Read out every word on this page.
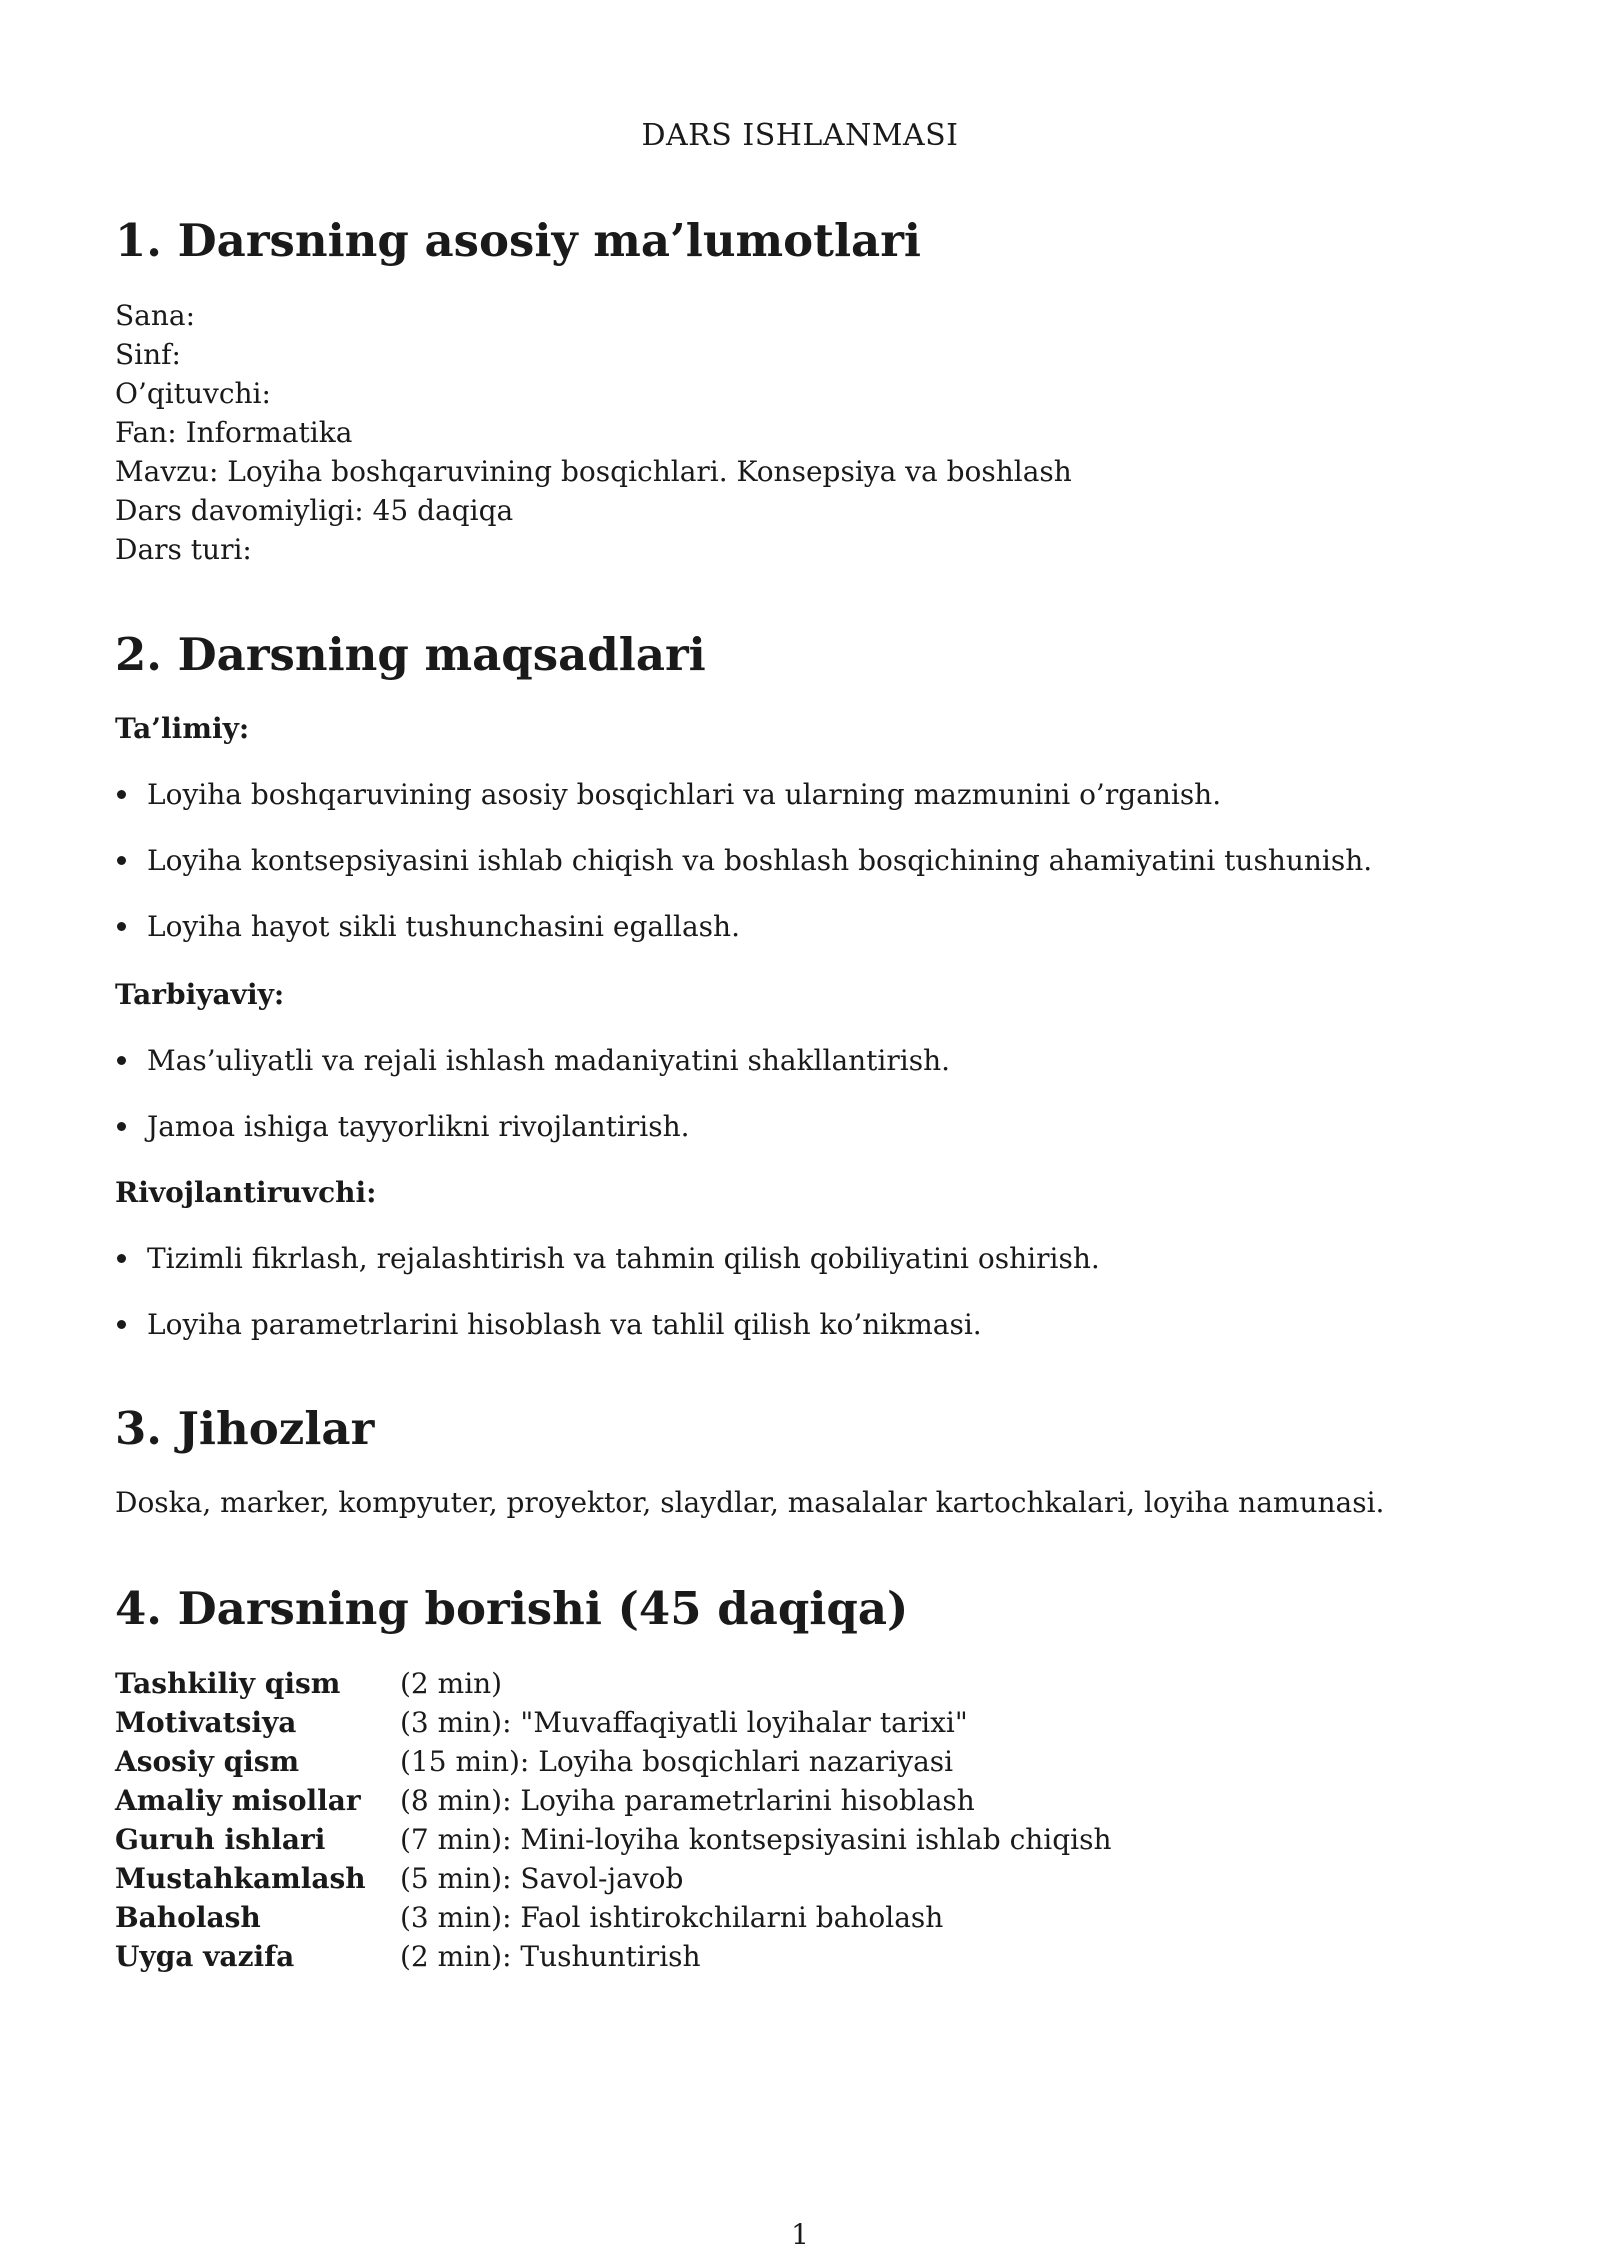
DARS ISHLANMASI
1. Darsning asosiy ma’lumotlari
Sana:
Sinf:
O’qituvchi:
Fan: Informatika
Mavzu: Loyiha boshqaruvining bosqichlari. Konsepsiya va boshlash
Dars davomiyligi: 45 daqiqa
Dars turi:
2. Darsning maqsadlari
Ta’limiy:
Loyiha boshqaruvining asosiy bosqichlari va ularning mazmunini o’rganish.
Loyiha kontsepsiyasini ishlab chiqish va boshlash bosqichining ahamiyatini tushunish.
Loyiha hayot sikli tushunchasini egallash.
Tarbiyaviy:
Mas’uliyatli va rejali ishlash madaniyatini shakllantirish.
Jamoa ishiga tayyorlikni rivojlantirish.
Rivojlantiruvchi:
Tizimli fikrlash, rejalashtirish va tahmin qilish qobiliyatini oshirish.
Loyiha parametrlarini hisoblash va tahlil qilish ko’nikmasi.
3. Jihozlar
Doska, marker, kompyuter, proyektor, slaydlar, masalalar kartochkalari, loyiha namunasi.
4. Darsning borishi (45 daqiqa)
Tashkiliy qism	(2 min)
Motivatsiya	(3 min): "Muvaffaqiyatli loyihalar tarixi"
Asosiy qism	(15 min): Loyiha bosqichlari nazariyasi
Amaliy misollar	(8 min): Loyiha parametrlarini hisoblash
Guruh ishlari	(7 min): Mini-loyiha kontsepsiyasini ishlab chiqish
Mustahkamlash	(5 min): Savol-javob
Baholash	(3 min): Faol ishtirokchilarni baholash
Uyga vazifa	(2 min): Tushuntirish
1
